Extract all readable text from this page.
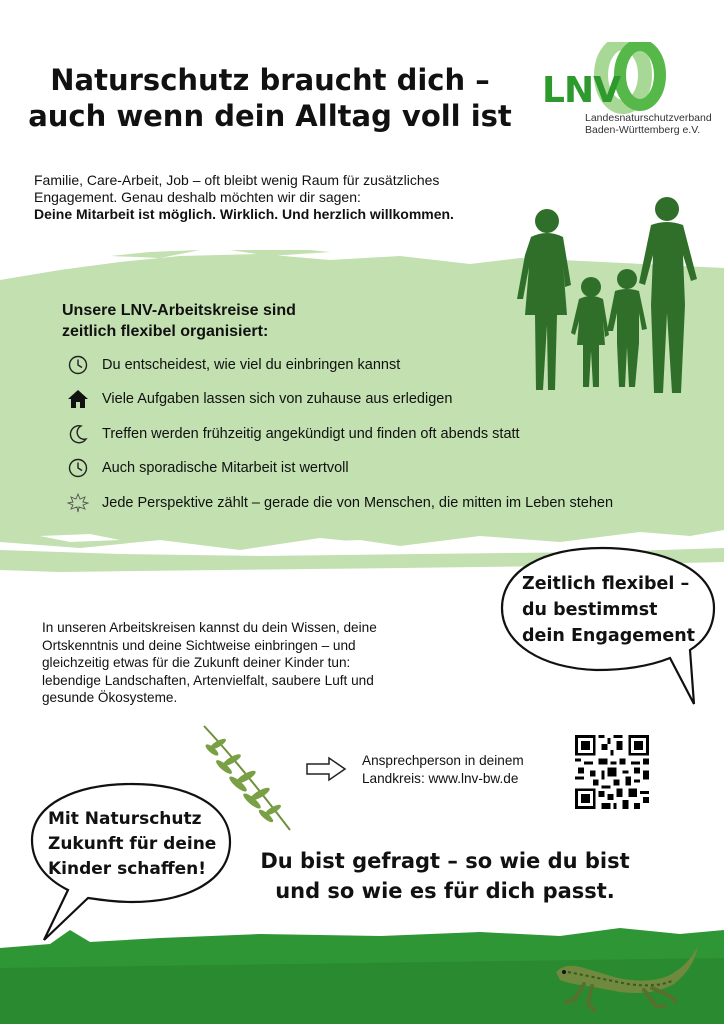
Naturschutz braucht dich –
auch wenn dein Alltag voll ist
LNV
Landesnaturschutzverband
Baden-Württemberg e.V.
Familie, Care-Arbeit, Job – oft bleibt wenig Raum für zusätzliches
Engagement. Genau deshalb möchten wir dir sagen:
Deine Mitarbeit ist möglich. Wirklich. Und herzlich willkommen.
Unsere LNV-Arbeitskreise sind
zeitlich flexibel organisiert:
Du entscheidest, wie viel du einbringen kannst
Viele Aufgaben lassen sich von zuhause aus erledigen
Treffen werden frühzeitig angekündigt und finden oft abends statt
Auch sporadische Mitarbeit ist wertvoll
Jede Perspektive zählt – gerade die von Menschen, die mitten im Leben stehen
Zeitlich flexibel –
du bestimmst
dein Engagement
In unseren Arbeitskreisen kannst du dein Wissen, deine
Ortskenntnis und deine Sichtweise einbringen – und
gleichzeitig etwas für die Zukunft deiner Kinder tun:
lebendige Landschaften, Artenvielfalt, saubere Luft und
gesunde Ökosysteme.
Ansprechperson in deinem
Landkreis: www.lnv-bw.de
Mit Naturschutz
Zukunft für deine
Kinder schaffen!	Du bist gefragt – so wie du bist
und so wie es für dich passt.
